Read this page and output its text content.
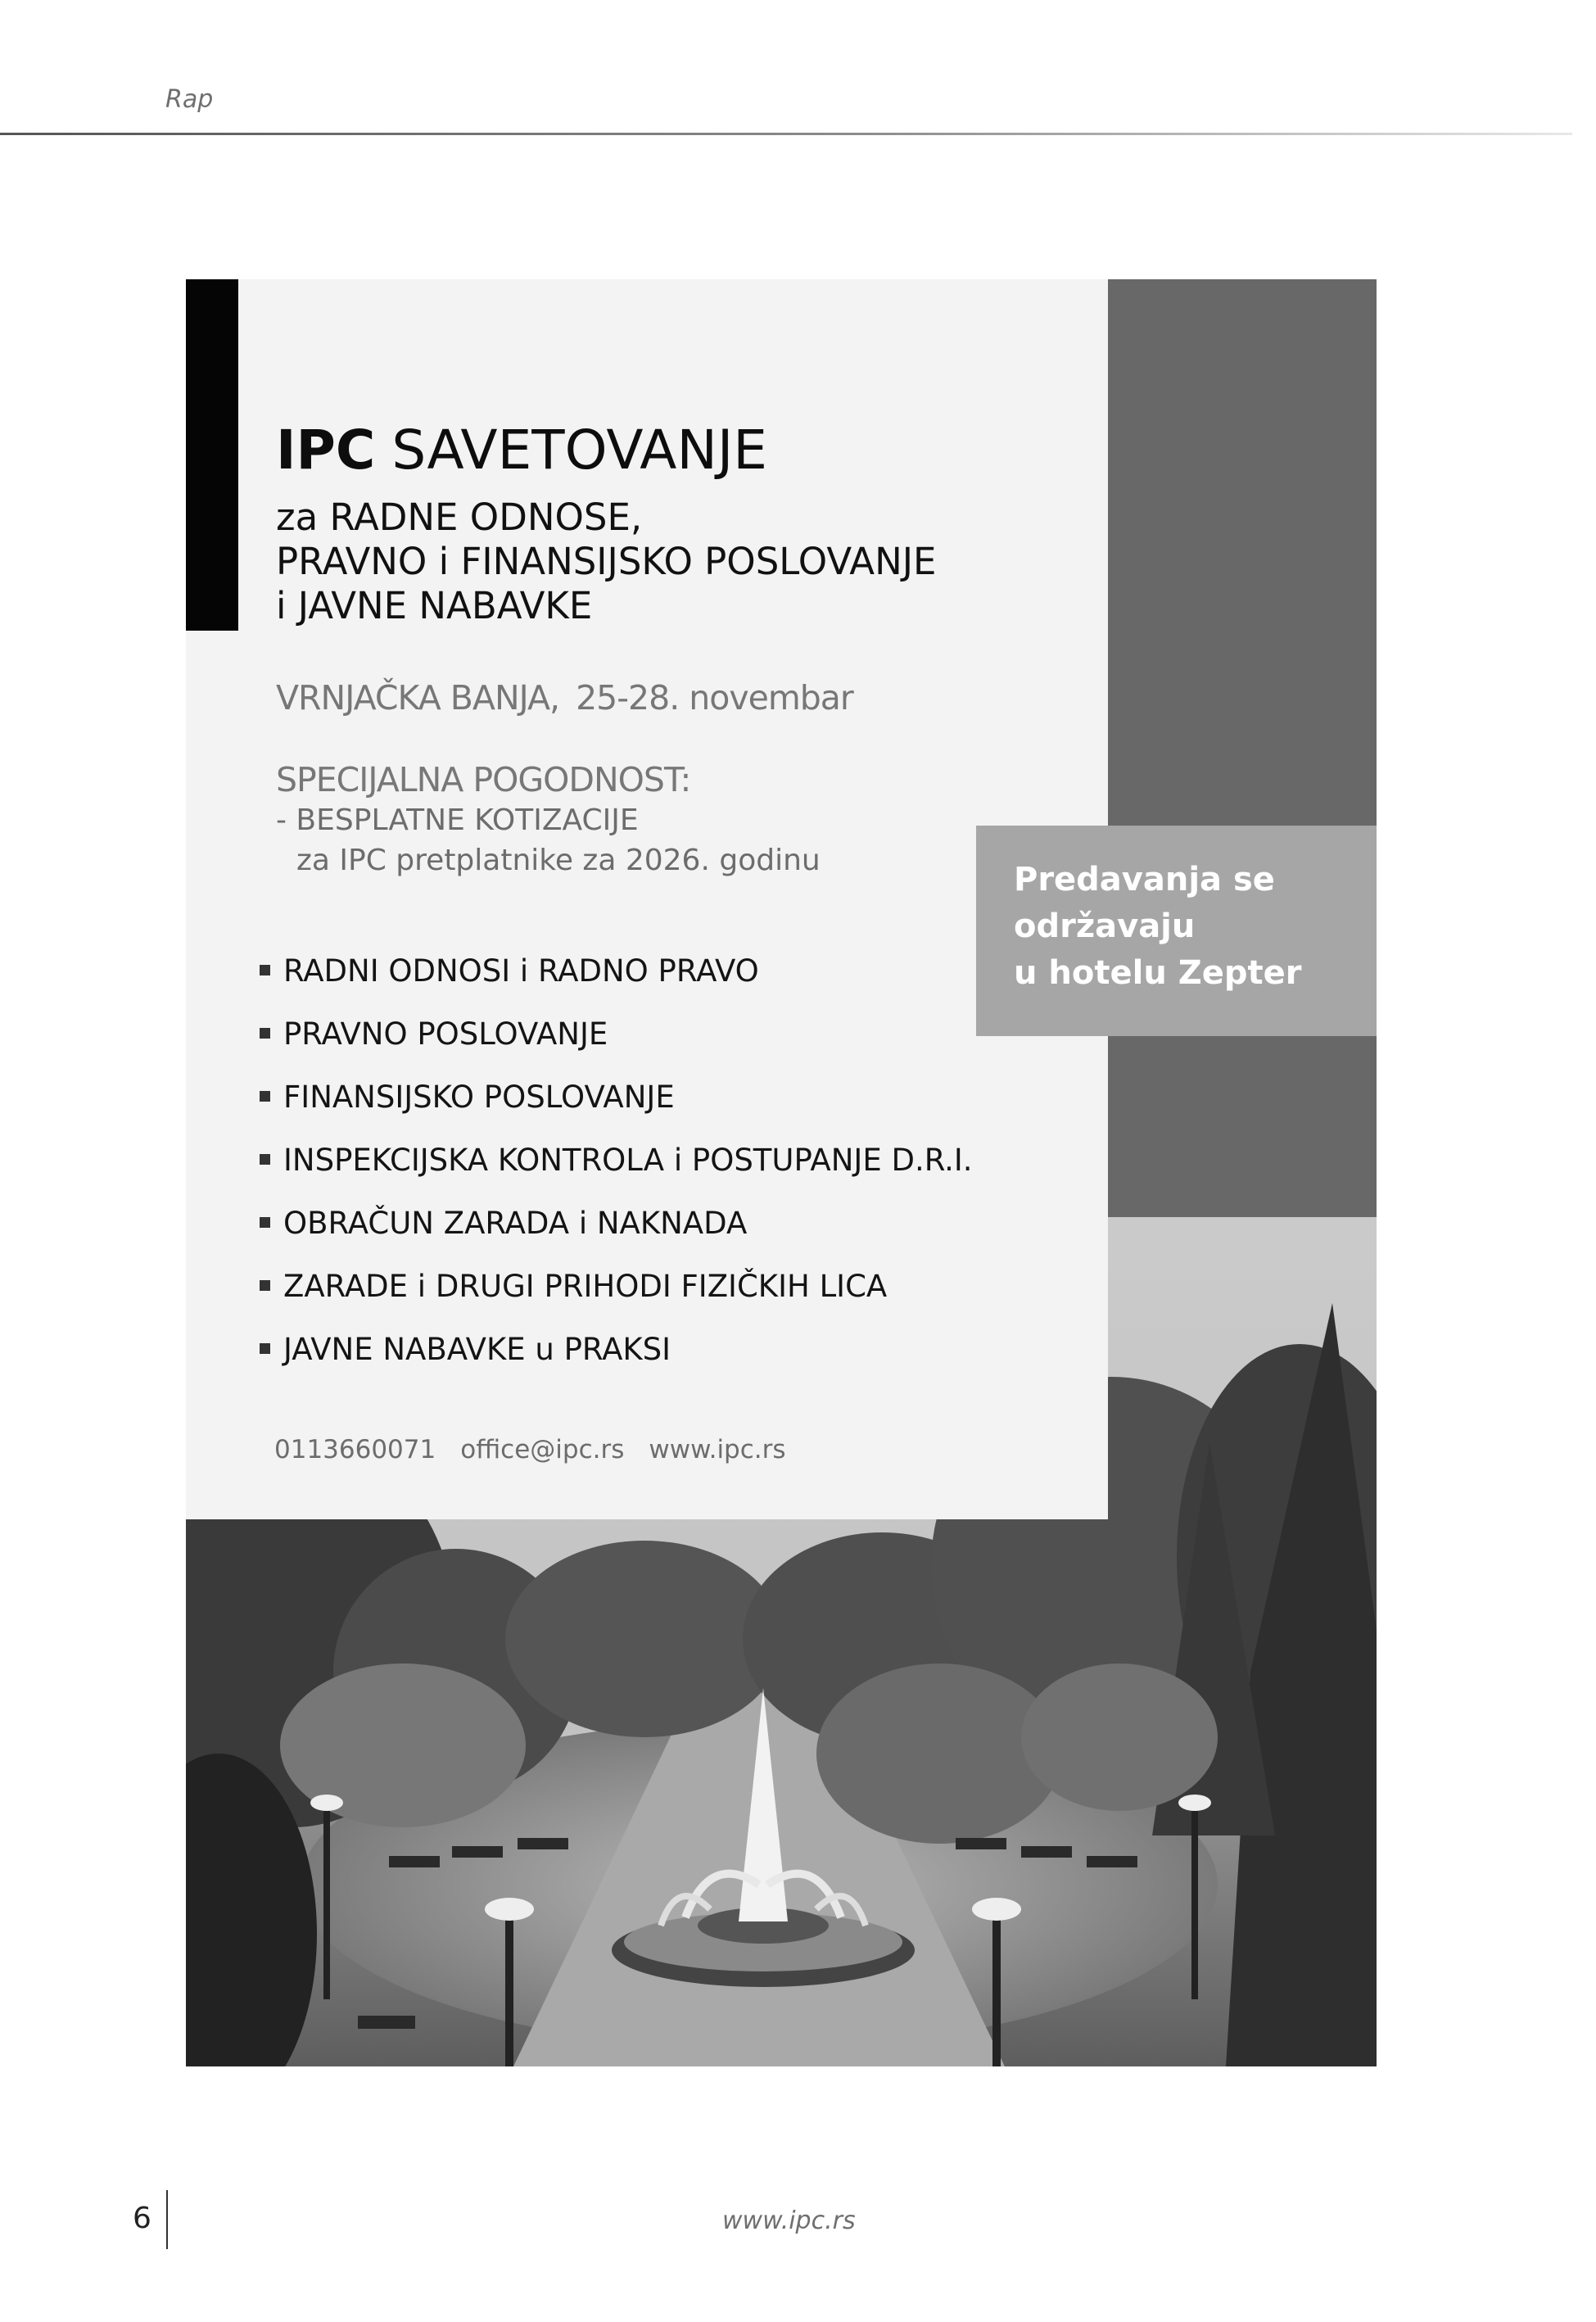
Rap
IPC SAVETOVANJE
za RADNE ODNOSE,
PRAVNO i FINANSIJSKO POSLOVANJE
i JAVNE NABAVKE
VRNJAČKA BANJA, 25-28. novembar
SPECIJALNA POGODNOST:
- BESPLATNE KOTIZACIJE
za IPC pretplatnike za 2026. godinu
RADNI ODNOSI i RADNO PRAVO
PRAVNO POSLOVANJE
FINANSIJSKO POSLOVANJE
INSPEKCIJSKA KONTROLA i POSTUPANJE D.R.I.
OBRAČUN ZARADA i NAKNADA
ZARADE i DRUGI PRIHODI FIZIČKIH LICA
JAVNE NABAVKE u PRAKSI
0113660071 office@ipc.rs www.ipc.rs
Predavanja se
održavaju
u hotelu Zepter
6	www.ipc.rs
